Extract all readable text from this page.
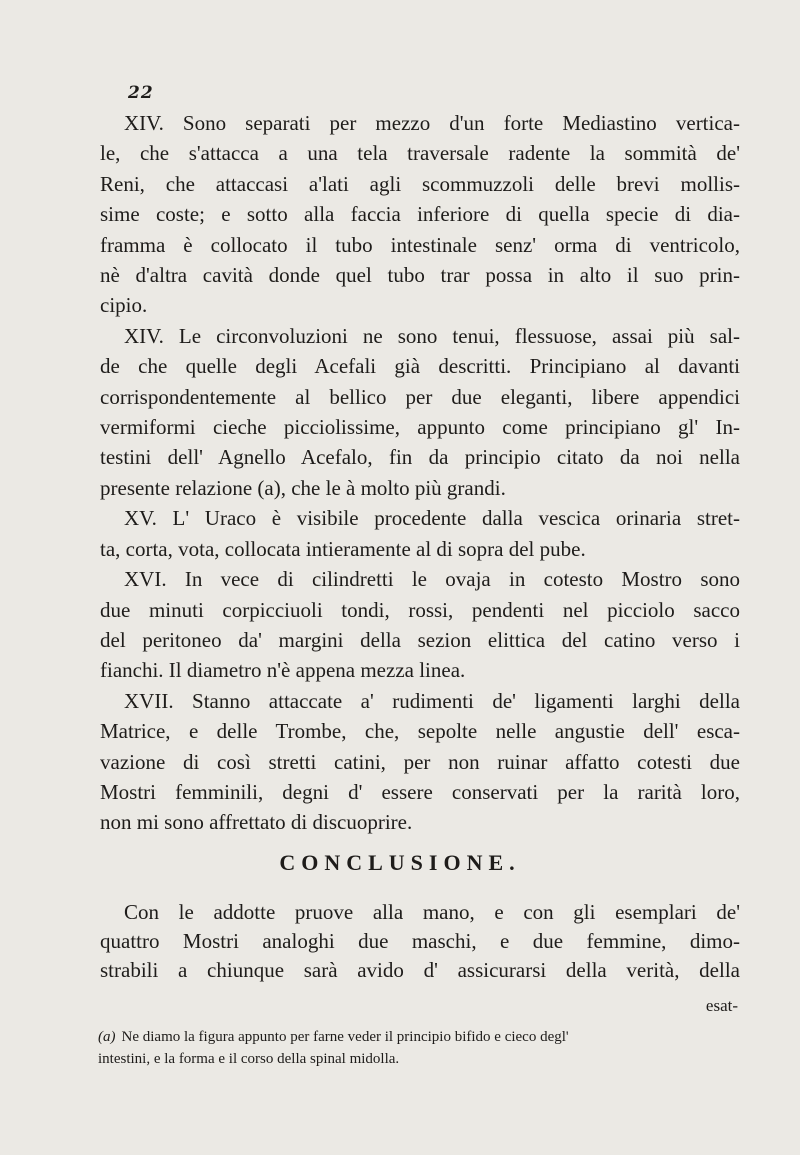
22
XIV. Sono separati per mezzo d'un forte Mediastino vertica-
le, che s'attacca a una tela traversale radente la sommità de'
Reni, che attaccasi a'lati agli scommuzzoli delle brevi mollis-
sime coste; e sotto alla faccia inferiore di quella specie di dia-
framma è collocato il tubo intestinale senz' orma di ventricolo,
nè d'altra cavità donde quel tubo trar possa in alto il suo prin-
cipio.
XIV. Le circonvoluzioni ne sono tenui, flessuose, assai più sal-
de che quelle degli Acefali già descritti. Principiano al davanti
corrispondentemente al bellico per due eleganti, libere appendici
vermiformi cieche picciolissime, appunto come principiano gl' In-
testini dell' Agnello Acefalo, fin da principio citato da noi nella
presente relazione (a), che le à molto più grandi.
XV. L' Uraco è visibile procedente dalla vescica orinaria stret-
ta, corta, vota, collocata intieramente al di sopra del pube.
XVI. In vece di cilindretti le ovaja in cotesto Mostro sono
due minuti corpicciuoli tondi, rossi, pendenti nel picciolo sacco
del peritoneo da' margini della sezion elittica del catino verso i
fianchi. Il diametro n'è appena mezza linea.
XVII. Stanno attaccate a' rudimenti de' ligamenti larghi della
Matrice, e delle Trombe, che, sepolte nelle angustie dell' esca-
vazione di così stretti catini, per non ruinar affatto cotesti due
Mostri femminili, degni d' essere conservati per la rarità loro,
non mi sono affrettato di discuoprire.
CONCLUSIONE.
Con le addotte pruove alla mano, e con gli esemplari de'
quattro Mostri analoghi due maschi, e due femmine, dimo-
strabili a chiunque sarà avido d' assicurarsi della verità, della
esat-
(a) Ne diamo la figura appunto per farne veder il principio bifido e cieco degl'
intestini, e la forma e il corso della spinal midolla.
